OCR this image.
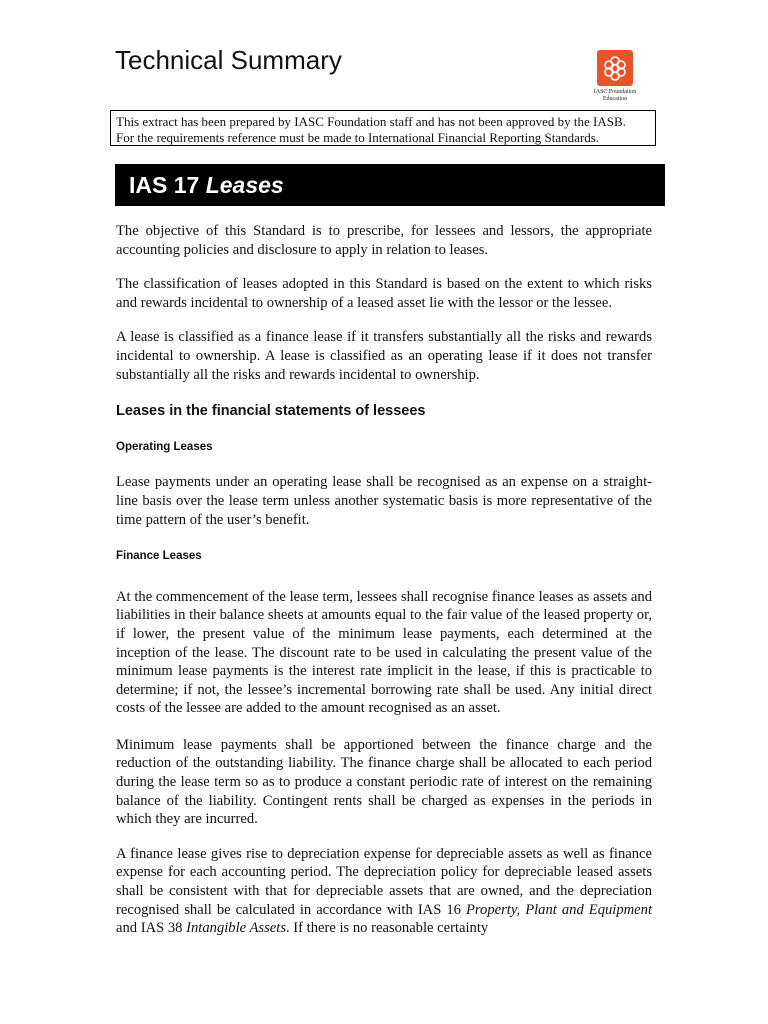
Technical Summary
IASC Foundation
Education
This extract has been prepared by IASC Foundation staff and has not been approved by the IASB.
For the requirements reference must be made to International Financial Reporting Standards.
IAS 17 Leases

The objective of this Standard is to prescribe, for lessees and lessors, the appropriate accounting policies and disclosure to apply in relation to leases.

The classification of leases adopted in this Standard is based on the extent to which risks and rewards incidental to ownership of a leased asset lie with the lessor or the lessee.

A lease is classified as a finance lease if it transfers substantially all the risks and rewards incidental to ownership. A lease is classified as an operating lease if it does not transfer substantially all the risks and rewards incidental to ownership.

Leases in the financial statements of lessees
Operating Leases

Lease payments under an operating lease shall be recognised as an expense on a straight-line basis over the lease term unless another systematic basis is more representative of the time pattern of the user’s benefit.

Finance Leases

At the commencement of the lease term, lessees shall recognise finance leases as assets and liabilities in their balance sheets at amounts equal to the fair value of the leased property or, if lower, the present value of the minimum lease payments, each determined at the inception of the lease. The discount rate to be used in calculating the present value of the minimum lease payments is the interest rate implicit in the lease, if this is practicable to determine; if not, the lessee’s incremental borrowing rate shall be used. Any initial direct costs of the lessee are added to the amount recognised as an asset.

Minimum lease payments shall be apportioned between the finance charge and the reduction of the outstanding liability. The finance charge shall be allocated to each period during the lease term so as to produce a constant periodic rate of interest on the remaining balance of the liability. Contingent rents shall be charged as expenses in the periods in which they are incurred.

A finance lease gives rise to depreciation expense for depreciable assets as well as finance expense for each accounting period. The depreciation policy for depreciable leased assets shall be consistent with that for depreciable assets that are owned, and the depreciation recognised shall be calculated in accordance with IAS 16 Property, Plant and Equipment and IAS 38 Intangible Assets. If there is no reasonable certainty
